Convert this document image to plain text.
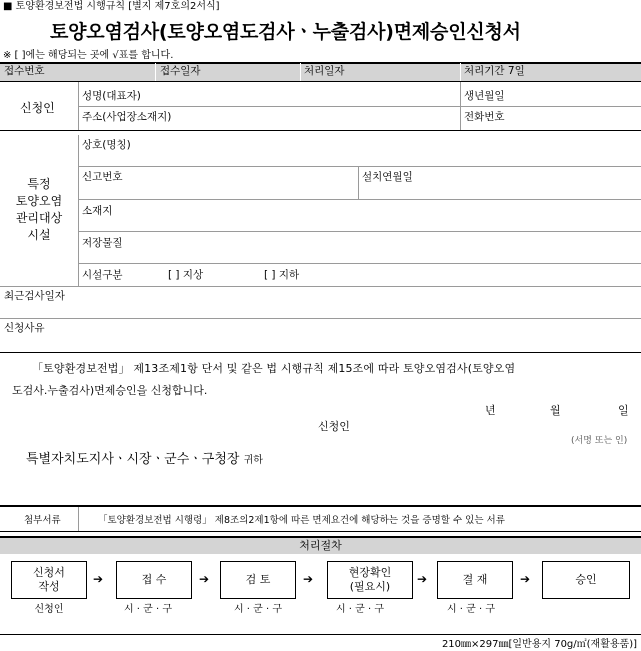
■ 토양환경보전법 시행규칙 [별지 제7호의2서식]
토양오염검사(토양오염도검사ㆍ누출검사)면제승인신청서
※ [ ]에는 해당되는 곳에 √표를 합니다.
접수번호	접수일자	처리일자	처리기간 7일
신청인
성명(대표자)	생년월일
주소(사업장소재지)	전화번호
특정
토양오염
관리대상
시설
상호(명칭)
신고번호	설치연월일
소재지
저장물질
시설구분	[ ] 지상	[ ] 지하
최근검사일자
신청사유
「토양환경보전법」 제13조제1항 단서 및 같은 법 시행규칙 제15조에 따라 토양오염검사(토양오염
도검사.누출검사)면제승인을 신청합니다.
년	월	일
신청인
(서명 또는 인)
특별자치도지사ㆍ시장ㆍ군수ㆍ구청장 귀하
첨부서류	「토양환경보전법 시행령」 제8조의2제1항에 따른 면제요건에 해당하는 것을 증명할 수 있는 서류
처리절차
신청서
작성
➔	접 수	➔	검 토	➔	현장확인
(필요시)
➔	결 재	➔	승인
신청인	시 · 군 · 구	시 · 군 · 구	시 · 군 · 구	시 · 군 · 구
210㎜×297㎜[일반용지 70g/㎡(재활용품)]
